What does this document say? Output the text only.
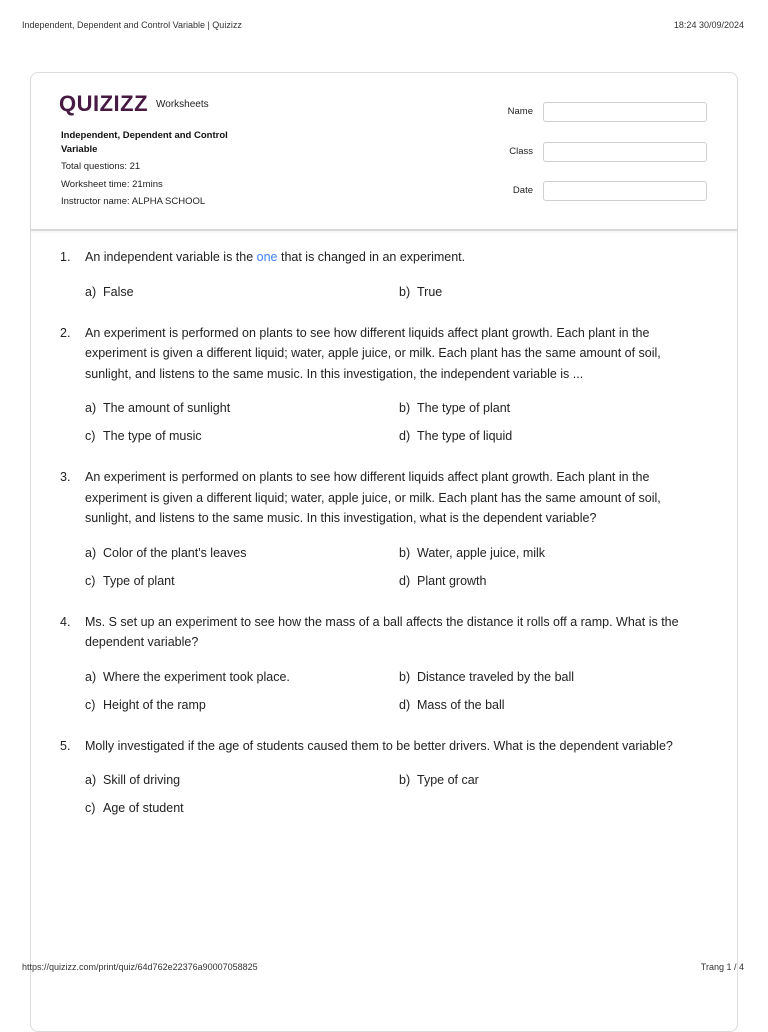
Independent, Dependent and Control Variable | Quizizz	18:24 30/09/2024
QUIZIZZ Worksheets
Independent, Dependent and Control Variable
Total questions: 21
Worksheet time: 21mins
Instructor name: ALPHA SCHOOL
Name
Class
Date
1.	An independent variable is the one that is changed in an experiment.
a) False	b) True
2.	An experiment is performed on plants to see how different liquids affect plant growth. Each plant in the experiment is given a different liquid; water, apple juice, or milk. Each plant has the same amount of soil, sunlight, and listens to the same music. In this investigation, the independent variable is ...
a) The amount of sunlight	b) The type of plant
c) The type of music	d) The type of liquid
3.	An experiment is performed on plants to see how different liquids affect plant growth. Each plant in the experiment is given a different liquid; water, apple juice, or milk. Each plant has the same amount of soil, sunlight, and listens to the same music. In this investigation, what is the dependent variable?
a) Color of the plant's leaves	b) Water, apple juice, milk
c) Type of plant	d) Plant growth
4.	Ms. S set up an experiment to see how the mass of a ball affects the distance it rolls off a ramp. What is the dependent variable?
a) Where the experiment took place.	b) Distance traveled by the ball
c) Height of the ramp	d) Mass of the ball
5.	Molly investigated if the age of students caused them to be better drivers. What is the dependent variable?
a) Skill of driving	b) Type of car
c) Age of student
https://quizizz.com/print/quiz/64d762e22376a90007058825	Trang 1 / 4
